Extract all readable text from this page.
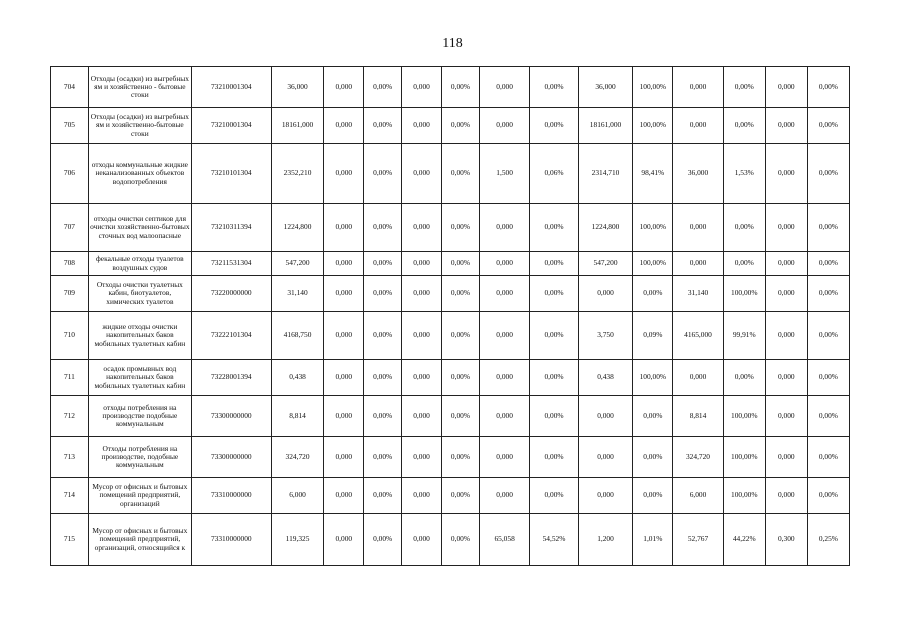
118
704	Отходы (осадки) из выгребных ям и хозяйственно - бытовые стоки	73210001304	36,000	0,000	0,00%	0,000	0,00%	0,000	0,00%	36,000	100,00%	0,000	0,00%	0,000	0,00%
705	Отходы (осадки) из выгребных ям и хозяйственно-бытовые стоки	73210001304	18161,000	0,000	0,00%	0,000	0,00%	0,000	0,00%	18161,000	100,00%	0,000	0,00%	0,000	0,00%
706	отходы коммунальные жидкие неканализованных объектов водопотребления	73210101304	2352,210	0,000	0,00%	0,000	0,00%	1,500	0,06%	2314,710	98,41%	36,000	1,53%	0,000	0,00%
707	отходы очистки септиков для очистки хозяйственно-бытовых сточных вод малоопасные	73210311394	1224,800	0,000	0,00%	0,000	0,00%	0,000	0,00%	1224,800	100,00%	0,000	0,00%	0,000	0,00%
708	фекальные отходы туалетов воздушных судов	73211531304	547,200	0,000	0,00%	0,000	0,00%	0,000	0,00%	547,200	100,00%	0,000	0,00%	0,000	0,00%
709	Отходы очистки туалетных кабин, биотуалетов, химических туалетов	73220000000	31,140	0,000	0,00%	0,000	0,00%	0,000	0,00%	0,000	0,00%	31,140	100,00%	0,000	0,00%
710	жидкие отходы очистки накопительных баков мобильных туалетных кабин	73222101304	4168,750	0,000	0,00%	0,000	0,00%	0,000	0,00%	3,750	0,09%	4165,000	99,91%	0,000	0,00%
711	осадок промывных вод накопительных баков мобильных туалетных кабин	73228001394	0,438	0,000	0,00%	0,000	0,00%	0,000	0,00%	0,438	100,00%	0,000	0,00%	0,000	0,00%
712	отходы потребления на производстве подобные коммунальным	73300000000	8,814	0,000	0,00%	0,000	0,00%	0,000	0,00%	0,000	0,00%	8,814	100,00%	0,000	0,00%
713	Отходы потребления на производстве, подобные коммунальным	73300000000	324,720	0,000	0,00%	0,000	0,00%	0,000	0,00%	0,000	0,00%	324,720	100,00%	0,000	0,00%
714	Мусор от офисных и бытовых помещений предприятий, организаций	73310000000	6,000	0,000	0,00%	0,000	0,00%	0,000	0,00%	0,000	0,00%	6,000	100,00%	0,000	0,00%
715	Мусор от офисных и бытовых помещений предприятий, организаций, относящийся к	73310000000	119,325	0,000	0,00%	0,000	0,00%	65,058	54,52%	1,200	1,01%	52,767	44,22%	0,300	0,25%
